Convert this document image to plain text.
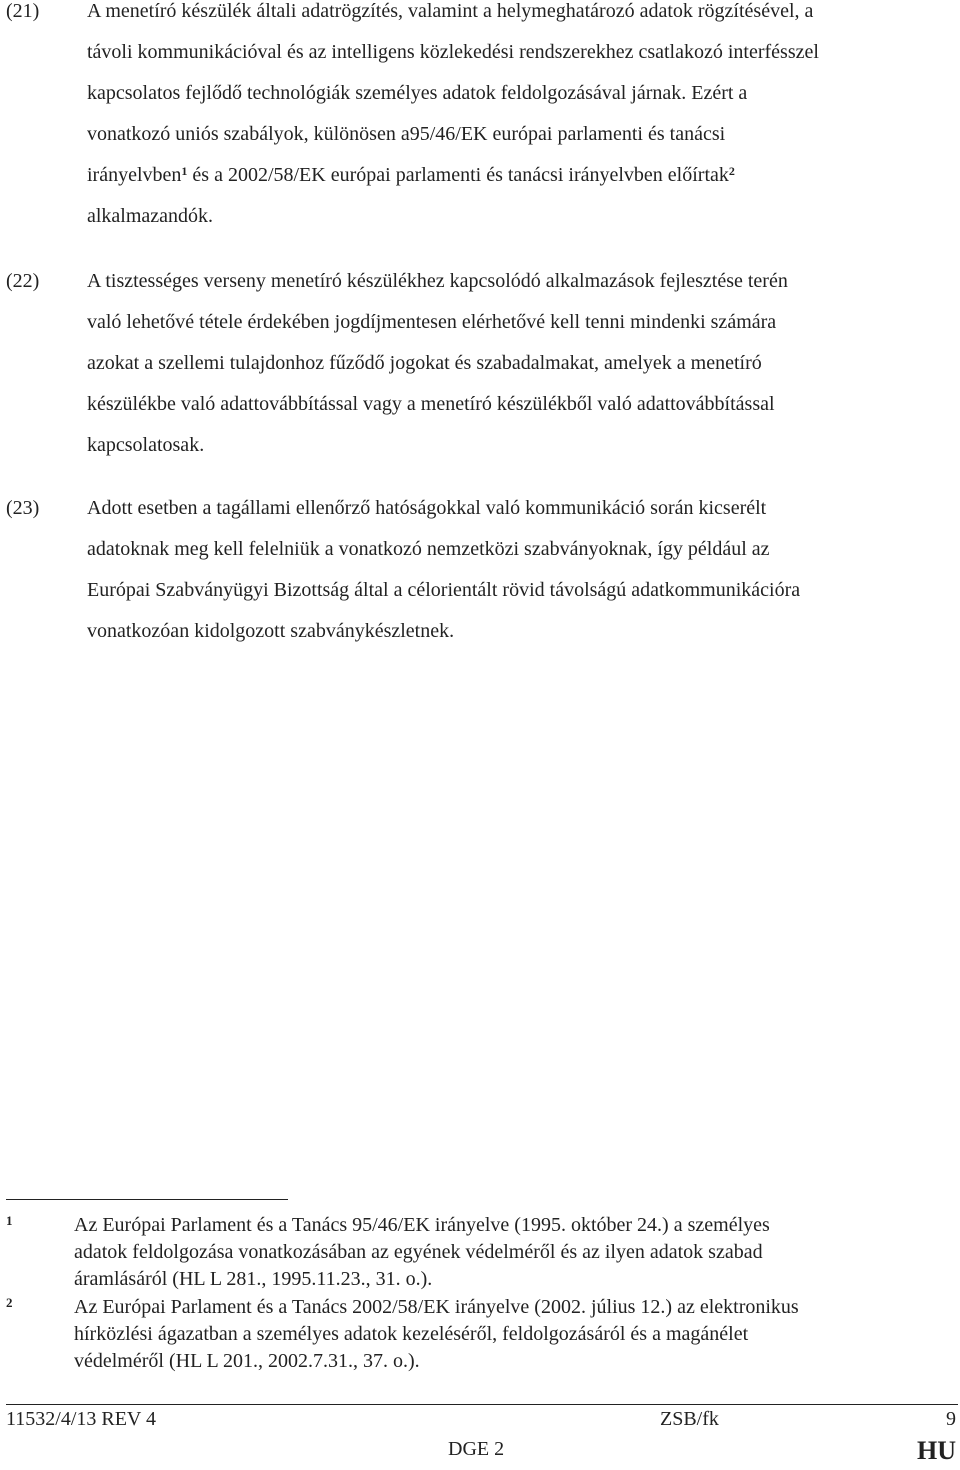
(21) A menetíró készülék általi adatrögzítés, valamint a helymeghatározó adatok rögzítésével, a
távoli kommunikációval és az intelligens közlekedési rendszerekhez csatlakozó interfésszel
kapcsolatos fejlődő technológiák személyes adatok feldolgozásával járnak. Ezért a
vonatkozó uniós szabályok, különösen a95/46/EK európai parlamenti és tanácsi
irányelvben$^1$ és a 2002/58/EK európai parlamenti és tanácsi irányelvben előírtak$^2$
alkalmazandók.
(22) A tisztességes verseny menetíró készülékhez kapcsolódó alkalmazások fejlesztése terén
való lehetővé tétele érdekében jogdíjmentesen elérhetővé kell tenni mindenki számára
azokat a szellemi tulajdonhoz fűződő jogokat és szabadalmakat, amelyek a menetíró
készülékbe való adattovábbítással vagy a menetíró készülékből való adattovábbítással
kapcsolatosak.
(23) Adott esetben a tagállami ellenőrző hatóságokkal való kommunikáció során kicserélt
adatoknak meg kell felelniük a vonatkozó nemzetközi szabványoknak, így például az
Európai Szabványügyi Bizottság által a célorientált rövid távolságú adatkommunikációra
vonatkozóan kidolgozott szabványkészletnek.
1	Az Európai Parlament és a Tanács 95/46/EK irányelve (1995. október 24.) a személyes
adatok feldolgozása vonatkozásában az egyének védelméről és az ilyen adatok szabad
áramlásáról (HL L 281., 1995.11.23., 31. o.).
2	Az Európai Parlament és a Tanács 2002/58/EK irányelve (2002. július 12.) az elektronikus
hírközlési ágazatban a személyes adatok kezeléséről, feldolgozásáról és a magánélet
védelméről (HL L 201., 2002.7.31., 37. o.).
11532/4/13 REV 4	ZSB/fk	9
DGE 2	HU
